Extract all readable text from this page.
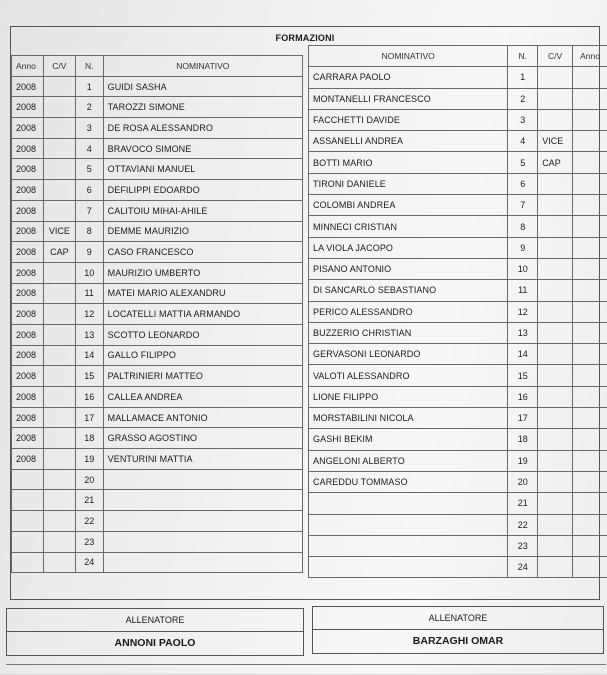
FORMAZIONI
Anno	C/V	N.	NOMINATIVO
2008		1	GUIDI SASHA
2008		2	TAROZZI SIMONE
2008		3	DE ROSA ALESSANDRO
2008		4	BRAVOCO SIMONE
2008		5	OTTAVIANI MANUEL
2008		6	DEFILIPPI EDOARDO
2008		7	CALITOIU MIHAI-AHILE
2008	VICE	8	DEMME MAURIZIO
2008	CAP	9	CASO FRANCESCO
2008		10	MAURIZIO UMBERTO
2008		11	MATEI MARIO ALEXANDRU
2008		12	LOCATELLI MATTIA ARMANDO
2008		13	SCOTTO LEONARDO
2008		14	GALLO FILIPPO
2008		15	PALTRINIERI MATTEO
2008		16	CALLEA ANDREA
2008		17	MALLAMACE ANTONIO
2008		18	GRASSO AGOSTINO
2008		19	VENTURINI MATTIA
		20	
		21	
		22	
		23	
		24	
NOMINATIVO	N.	C/V	Anno
CARRARA PAOLO	1		
MONTANELLI FRANCESCO	2		
FACCHETTI DAVIDE	3		
ASSANELLI ANDREA	4	VICE	
BOTTI MARIO	5	CAP	
TIRONI DANIELE	6		
COLOMBI ANDREA	7		
MINNECI CRISTIAN	8		
LA VIOLA JACOPO	9		
PISANO ANTONIO	10		
DI SANCARLO SEBASTIANO	11		
PERICO ALESSANDRO	12		
BUZZERIO CHRISTIAN	13		
GERVASONI LEONARDO	14		
VALOTI ALESSANDRO	15		
LIONE FILIPPO	16		
MORSTABILINI NICOLA	17		
GASHI BEKIM	18		
ANGELONI ALBERTO	19		
CAREDDU TOMMASO	20		
	21		
	22		
	23		
	24		
ALLENATORE
ANNONI PAOLO
ALLENATORE
BARZAGHI OMAR
